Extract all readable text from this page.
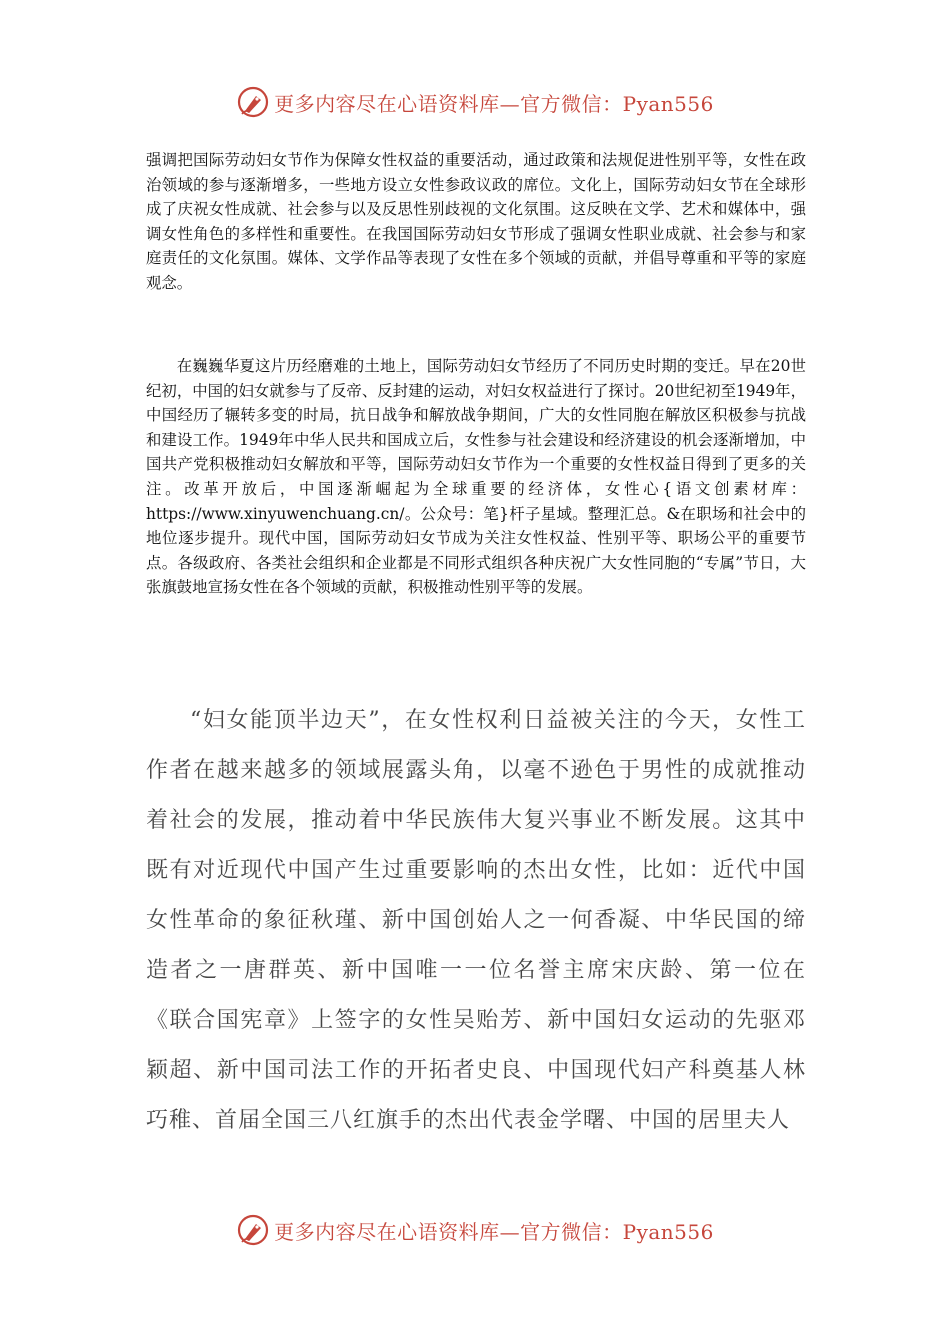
更多内容尽在心语资料库—官方微信：Pyan556

强调把国际劳动妇女节作为保障女性权益的重要活动，通过政策和法规促进性别平等，女性在政治领域的参与逐渐增多，一些地方设立女性参政议政的席位。文化上，国际劳动妇女节在全球形成了庆祝女性成就、社会参与以及反思性别歧视的文化氛围。这反映在文学、艺术和媒体中，强调女性角色的多样性和重要性。在我国国际劳动妇女节形成了强调女性职业成就、社会参与和家庭责任的文化氛围。媒体、文学作品等表现了女性在多个领域的贡献，并倡导尊重和平等的家庭观念。

在巍巍华夏这片历经磨难的土地上，国际劳动妇女节经历了不同历史时期的变迁。早在20世纪初，中国的妇女就参与了反帝、反封建的运动，对妇女权益进行了探讨。20世纪初至1949年，中国经历了辗转多变的时局，抗日战争和解放战争期间，广大的女性同胞在解放区积极参与抗战和建设工作。1949年中华人民共和国成立后，女性参与社会建设和经济建设的机会逐渐增加，中国共产党积极推动妇女解放和平等，国际劳动妇女节作为一个重要的女性权益日得到了更多的关注。改革开放后，中国逐渐崛起为全球重要的经济体，女性心{语文创素材库：https://www.xinyuwenchuang.cn/。公众号：笔}杆子星域。整理汇总。&在职场和社会中的地位逐步提升。现代中国，国际劳动妇女节成为关注女性权益、性别平等、职场公平的重要节点。各级政府、各类社会组织和企业都是不同形式组织各种庆祝广大女性同胞的“专属”节日，大张旗鼓地宣扬女性在各个领域的贡献，积极推动性别平等的发展。

“妇女能顶半边天”，在女性权利日益被关注的今天，女性工作者在越来越多的领域展露头角，以毫不逊色于男性的成就推动着社会的发展，推动着中华民族伟大复兴事业不断发展。这其中既有对近现代中国产生过重要影响的杰出女性，比如：近代中国女性革命的象征秋瑾、新中国创始人之一何香凝、中华民国的缔造者之一唐群英、新中国唯一一位名誉主席宋庆龄、第一位在《联合国宪章》上签字的女性吴贻芳、新中国妇女运动的先驱邓颖超、新中国司法工作的开拓者史良、中国现代妇产科奠基人林巧稚、首届全国三八红旗手的杰出代表金学曙、中国的居里夫人

更多内容尽在心语资料库—官方微信：Pyan556
